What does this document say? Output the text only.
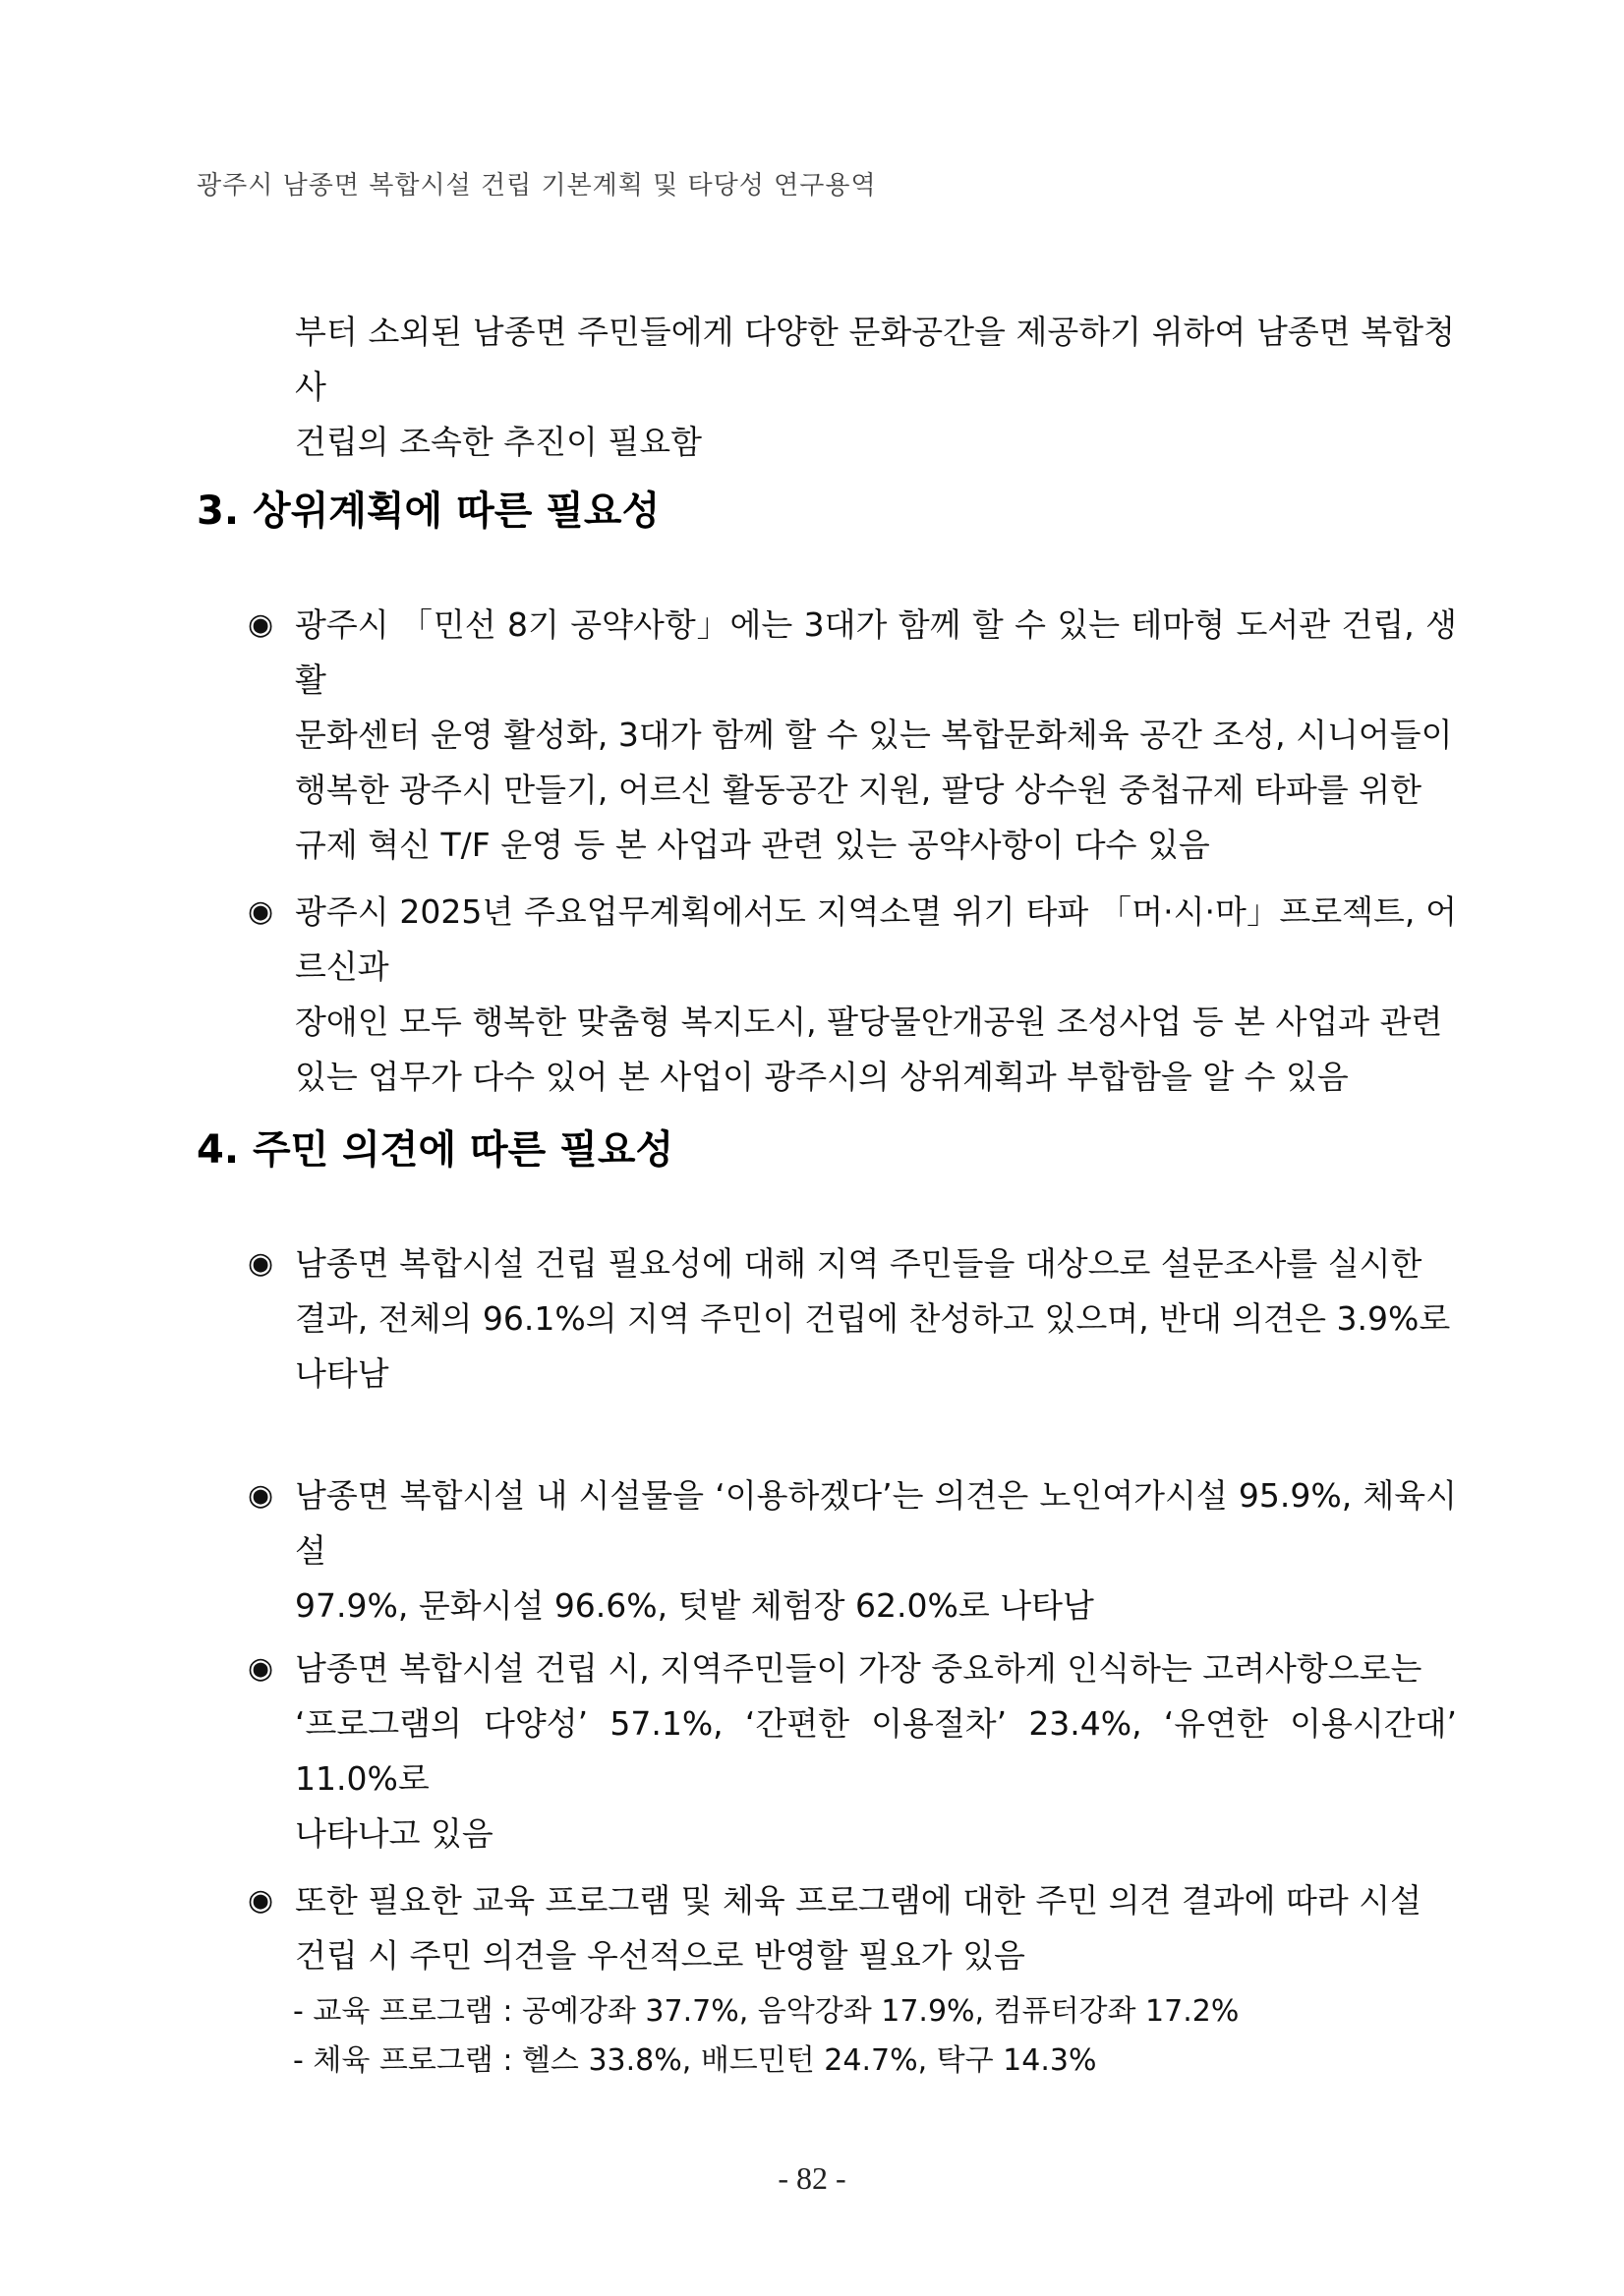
광주시 남종면 복합시설 건립 기본계획 및 타당성 연구용역
부터 소외된 남종면 주민들에게 다양한 문화공간을 제공하기 위하여 남종면 복합청사
건립의 조속한 추진이 필요함
3. 상위계획에 따른 필요성
◉ 광주시 「민선 8기 공약사항」에는 3대가 함께 할 수 있는 테마형 도서관 건립, 생활
문화센터 운영 활성화, 3대가 함께 할 수 있는 복합문화체육 공간 조성, 시니어들이
행복한 광주시 만들기, 어르신 활동공간 지원, 팔당 상수원 중첩규제 타파를 위한
규제 혁신 T/F 운영 등 본 사업과 관련 있는 공약사항이 다수 있음
◉ 광주시 2025년 주요업무계획에서도 지역소멸 위기 타파 「머·시·마」프로젝트, 어르신과
장애인 모두 행복한 맞춤형 복지도시, 팔당물안개공원 조성사업 등 본 사업과 관련
있는 업무가 다수 있어 본 사업이 광주시의 상위계획과 부합함을 알 수 있음
4. 주민 의견에 따른 필요성
◉ 남종면 복합시설 건립 필요성에 대해 지역 주민들을 대상으로 설문조사를 실시한
결과, 전체의 96.1%의 지역 주민이 건립에 찬성하고 있으며, 반대 의견은 3.9%로
나타남
◉ 남종면 복합시설 내 시설물을 ‘이용하겠다’는 의견은 노인여가시설 95.9%, 체육시설
97.9%, 문화시설 96.6%, 텃밭 체험장 62.0%로 나타남
◉ 남종면 복합시설 건립 시, 지역주민들이 가장 중요하게 인식하는 고려사항으로는
‘프로그램의 다양성’ 57.1%, ‘간편한 이용절차’ 23.4%, ‘유연한 이용시간대’ 11.0%로
나타나고 있음
◉ 또한 필요한 교육 프로그램 및 체육 프로그램에 대한 주민 의견 결과에 따라 시설
건립 시 주민 의견을 우선적으로 반영할 필요가 있음
- 교육 프로그램 : 공예강좌 37.7%, 음악강좌 17.9%, 컴퓨터강좌 17.2%
- 체육 프로그램 : 헬스 33.8%, 배드민턴 24.7%, 탁구 14.3%
- 82 -
